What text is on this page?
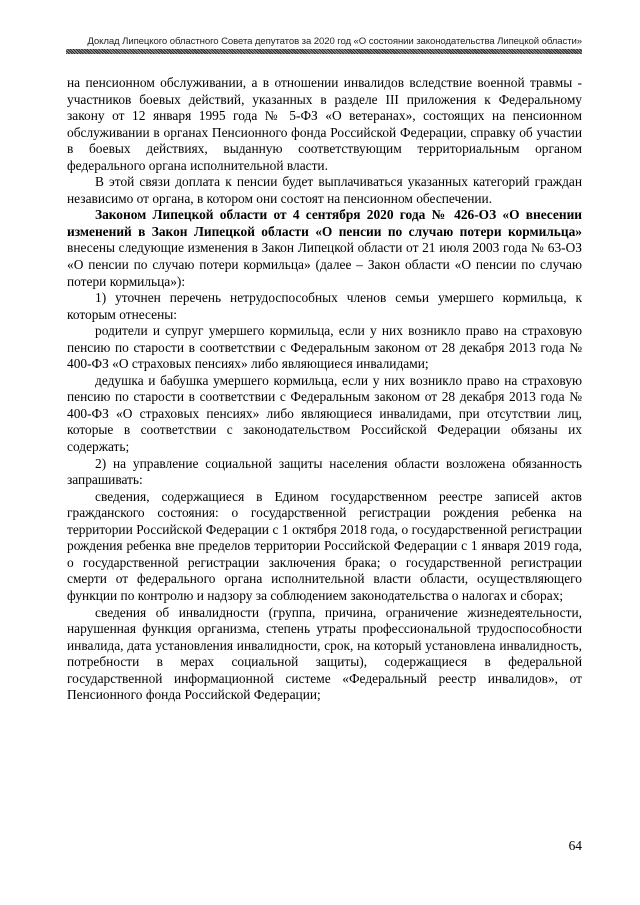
Доклад Липецкого областного Совета депутатов за 2020 год «О состоянии законодательства Липецкой области»

на пенсионном обслуживании, а в отношении инвалидов вследствие военной травмы - участников боевых действий, указанных в разделе III приложения к Федеральному закону от 12 января 1995 года № 5-ФЗ «О ветеранах», состоящих на пенсионном обслуживании в органах Пенсионного фонда Российской Федерации, справку об участии в боевых действиях, выданную соответствующим территориальным органом федерального органа исполнительной власти.

В этой связи доплата к пенсии будет выплачиваться указанных категорий граждан независимо от органа, в котором они состоят на пенсионном обеспечении.

Законом Липецкой области от 4 сентября 2020 года № 426-ОЗ «О внесении изменений в Закон Липецкой области «О пенсии по случаю потери кормильца» внесены следующие изменения в Закон Липецкой области от 21 июля 2003 года № 63-ОЗ «О пенсии по случаю потери кормильца» (далее – Закон области «О пенсии по случаю потери кормильца»):

1) уточнен перечень нетрудоспособных членов семьи умершего кормильца, к которым отнесены:

родители и супруг умершего кормильца, если у них возникло право на страховую пенсию по старости в соответствии с Федеральным законом от 28 декабря 2013 года № 400-ФЗ «О страховых пенсиях» либо являющиеся инвалидами;

дедушка и бабушка умершего кормильца, если у них возникло право на страховую пенсию по старости в соответствии с Федеральным законом от 28 декабря 2013 года № 400-ФЗ «О страховых пенсиях» либо являющиеся инвалидами, при отсутствии лиц, которые в соответствии с законодательством Российской Федерации обязаны их содержать;

2) на управление социальной защиты населения области возложена обязанность запрашивать:

сведения, содержащиеся в Едином государственном реестре записей актов гражданского состояния: о государственной регистрации рождения ребенка на территории Российской Федерации с 1 октября 2018 года, о государственной регистрации рождения ребенка вне пределов территории Российской Федерации с 1 января 2019 года, о государственной регистрации заключения брака; о государственной регистрации смерти от федерального органа исполнительной власти области, осуществляющего функции по контролю и надзору за соблюдением законодательства о налогах и сборах;

сведения об инвалидности (группа, причина, ограничение жизнедеятельности, нарушенная функция организма, степень утраты профессиональной трудоспособности инвалида, дата установления инвалидности, срок, на который установлена инвалидность, потребности в мерах социальной защиты), содержащиеся в федеральной государственной информационной системе «Федеральный реестр инвалидов», от Пенсионного фонда Российской Федерации;

64
